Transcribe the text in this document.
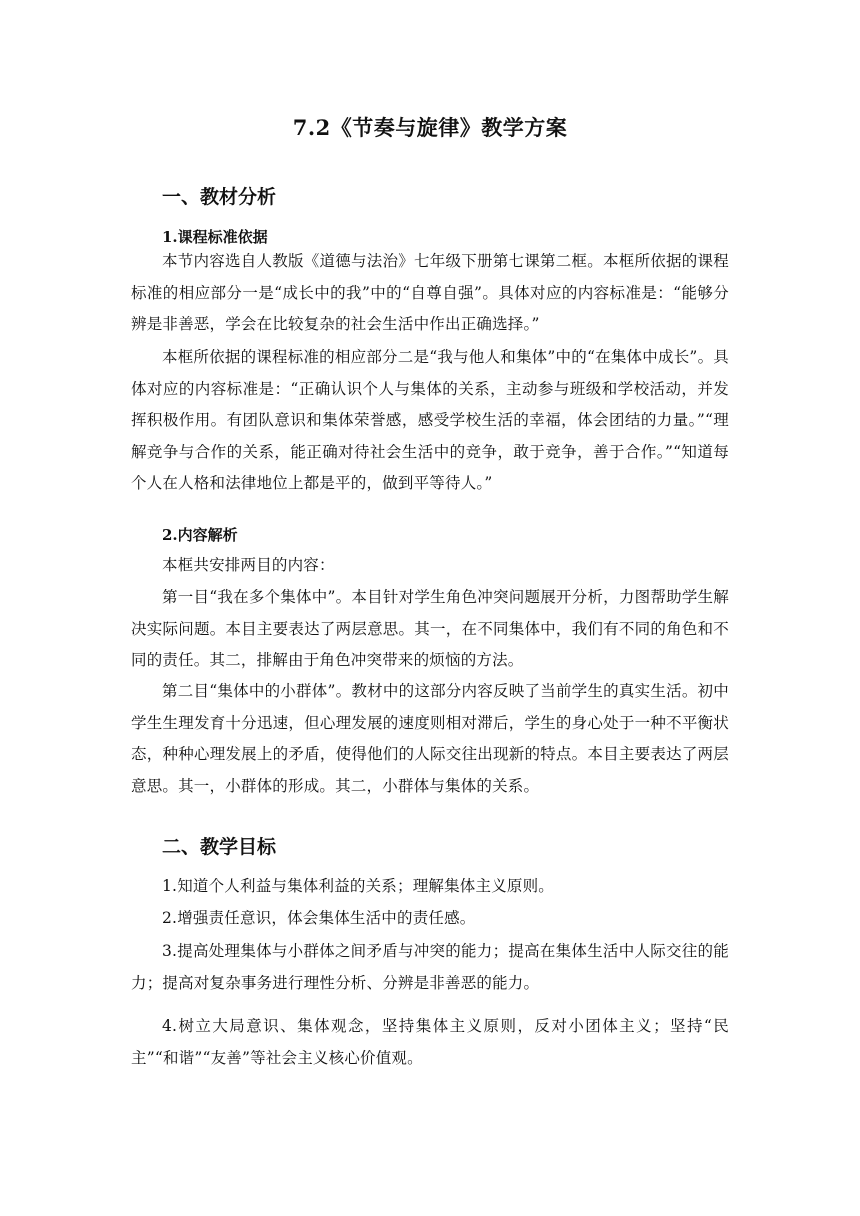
7.2《节奏与旋律》教学方案
一、教材分析
1.课程标准依据

本节内容选自人教版《道德与法治》七年级下册第七课第二框。本框所依据的课程标准的相应部分一是“成长中的我”中的“自尊自强”。具体对应的内容标准是：“能够分辨是非善恶，学会在比较复杂的社会生活中作出正确选择。”

本框所依据的课程标准的相应部分二是“我与他人和集体”中的“在集体中成长”。具体对应的内容标准是：“正确认识个人与集体的关系，主动参与班级和学校活动，并发挥积极作用。有团队意识和集体荣誉感，感受学校生活的幸福，体会团结的力量。”“理解竞争与合作的关系，能正确对待社会生活中的竞争，敢于竞争，善于合作。”“知道每个人在人格和法律地位上都是平的，做到平等待人。”

2.内容解析

本框共安排两目的内容：

第一目“我在多个集体中”。本目针对学生角色冲突问题展开分析，力图帮助学生解决实际问题。本目主要表达了两层意思。其一，在不同集体中，我们有不同的角色和不同的责任。其二，排解由于角色冲突带来的烦恼的方法。

第二目“集体中的小群体”。教材中的这部分内容反映了当前学生的真实生活。初中学生生理发育十分迅速，但心理发展的速度则相对滞后，学生的身心处于一种不平衡状态，种种心理发展上的矛盾，使得他们的人际交往出现新的特点。本目主要表达了两层意思。其一，小群体的形成。其二，小群体与集体的关系。

二、教学目标
1.知道个人利益与集体利益的关系；理解集体主义原则。
2.增强责任意识，体会集体生活中的责任感。
3.提高处理集体与小群体之间矛盾与冲突的能力；提高在集体生活中人际交往的能力；提高对复杂事务进行理性分析、分辨是非善恶的能力。
4.树立大局意识、集体观念，坚持集体主义原则，反对小团体主义；坚持“民主”“和谐”“友善”等社会主义核心价值观。
